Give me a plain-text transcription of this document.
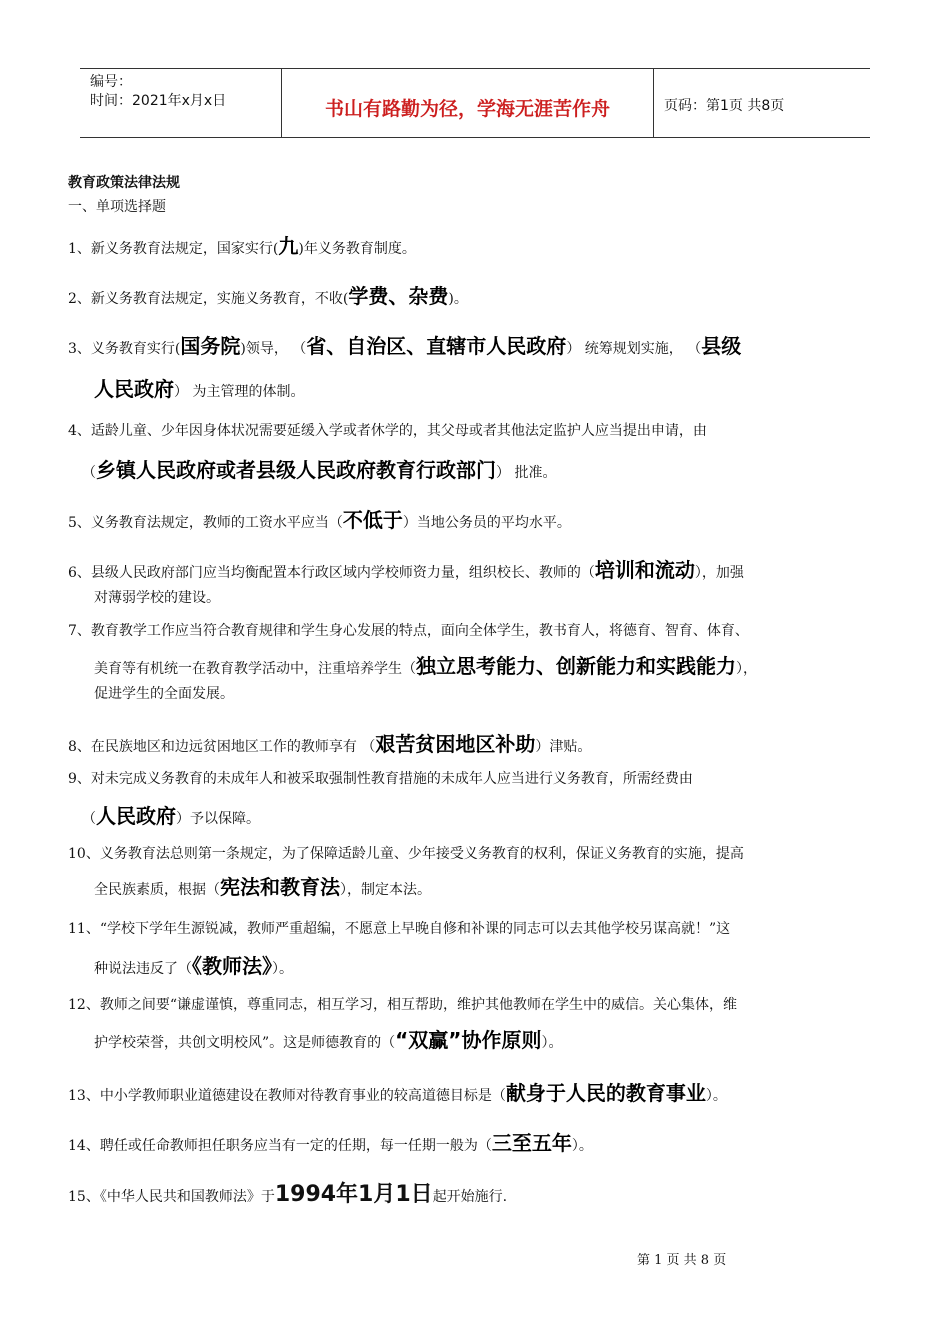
编号：
时间：2021年x月x日	书山有路勤为径，学海无涯苦作舟	页码：第1页 共8页
教育政策法律法规
一、单项选择题
1、新义务教育法规定，国家实行(九)年义务教育制度。
2、新义务教育法规定，实施义务教育，不收(学费、杂费)。
3、义务教育实行(国务院)领导， （省、自治区、直辖市人民政府） 统筹规划实施， （县级
人民政府） 为主管理的体制。
4、适龄儿童、少年因身体状况需要延缓入学或者休学的，其父母或者其他法定监护人应当提出申请，由
（乡镇人民政府或者县级人民政府教育行政部门） 批准。
5、义务教育法规定，教师的工资水平应当（不低于）当地公务员的平均水平。
6、县级人民政府部门应当均衡配置本行政区域内学校师资力量，组织校长、教师的（培训和流动），加强
对薄弱学校的建设。
7、教育教学工作应当符合教育规律和学生身心发展的特点，面向全体学生，教书育人，将德育、智育、体育、
美育等有机统一在教育教学活动中，注重培养学生（独立思考能力、创新能力和实践能力），
促进学生的全面发展。
8、在民族地区和边远贫困地区工作的教师享有 （艰苦贫困地区补助）津贴。
9、对未完成义务教育的未成年人和被采取强制性教育措施的未成年人应当进行义务教育，所需经费由
（人民政府）予以保障。
10、义务教育法总则第一条规定，为了保障适龄儿童、少年接受义务教育的权利，保证义务教育的实施，提高
全民族素质，根据（宪法和教育法），制定本法。
11、“学校下学年生源锐减，教师严重超编，不愿意上早晚自修和补课的同志可以去其他学校另谋高就！”这
种说法违反了（《教师法》）。
12、教师之间要“谦虚谨慎，尊重同志，相互学习，相互帮助，维护其他教师在学生中的威信。关心集体，维
护学校荣誉，共创文明校风”。这是师德教育的（“双赢”协作原则）。
13、中小学教师职业道德建设在教师对待教育事业的较高道德目标是（献身于人民的教育事业）。
14、聘任或任命教师担任职务应当有一定的任期，每一任期一般为（三至五年）。
15、《中华人民共和国教师法》于1994年1月1日起开始施行.
第 1 页 共 8 页
